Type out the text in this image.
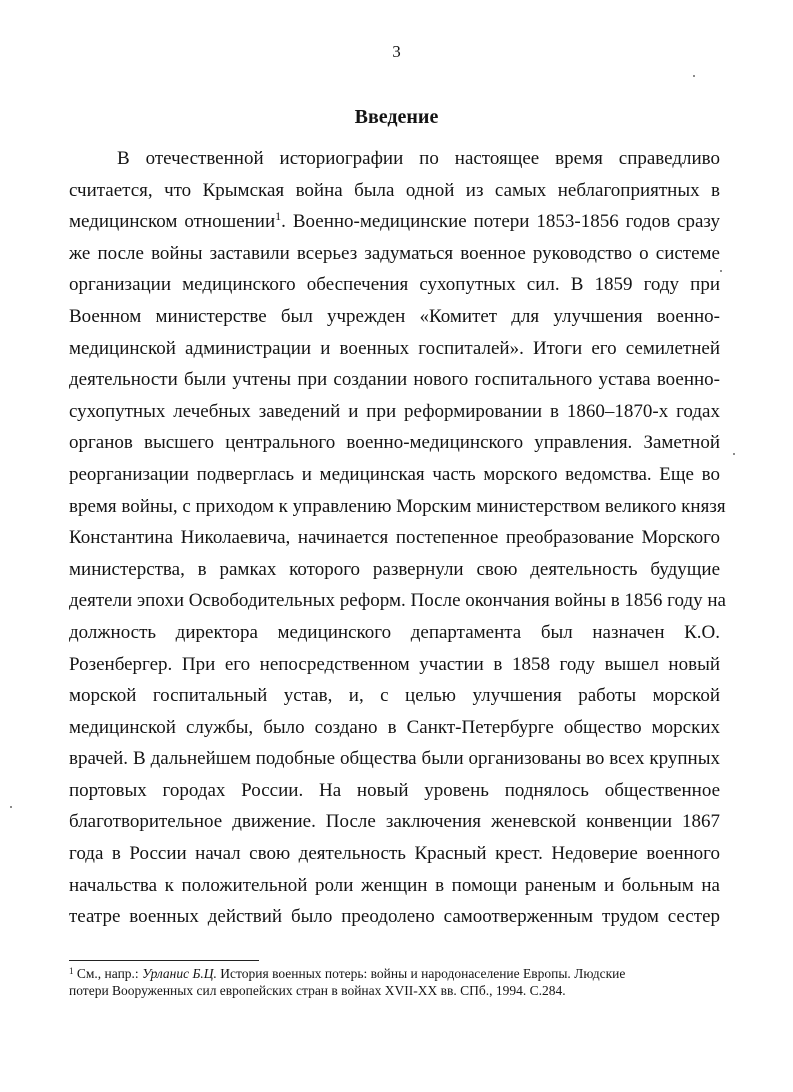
3
Введение
В отечественной историографии по настоящее время справедливо
считается, что Крымская война была одной из самых неблагоприятных в
медицинском отношении$^1$. Военно-медицинские потери 1853-1856 годов сразу
же после войны заставили всерьез задуматься военное руководство о системе
организации медицинского обеспечения сухопутных сил. В 1859 году при
Военном министерстве был учрежден «Комитет для улучшения военно-
медицинской администрации и военных госпиталей». Итоги его семилетней
деятельности были учтены при создании нового госпитального устава военно-
сухопутных лечебных заведений и при реформировании в 1860–1870-х годах
органов высшего центрального военно-медицинского управления. Заметной
реорганизации подверглась и медицинская часть морского ведомства. Еще во
время войны, с приходом к управлению Морским министерством великого князя
Константина Николаевича, начинается постепенное преобразование Морского
министерства, в рамках которого развернули свою деятельность будущие
деятели эпохи Освободительных реформ. После окончания войны в 1856 году на
должность директора медицинского департамента был назначен К.О.
Розенбергер. При его непосредственном участии в 1858 году вышел новый
морской госпитальный устав, и, с целью улучшения работы морской
медицинской службы, было создано в Санкт-Петербурге общество морских
врачей. В дальнейшем подобные общества были организованы во всех крупных
портовых городах России. На новый уровень поднялось общественное
благотворительное движение. После заключения женевской конвенции 1867
года в России начал свою деятельность Красный крест. Недоверие военного
начальства к положительной роли женщин в помощи раненым и больным на
театре военных действий было преодолено самоотверженным трудом сестер
$^1$ См., напр.: Урланис Б.Ц. История военных потерь: войны и народонаселение Европы. Людские
потери Вооруженных сил европейских стран в войнах XVII-XX вв. СПб., 1994. С.284.
